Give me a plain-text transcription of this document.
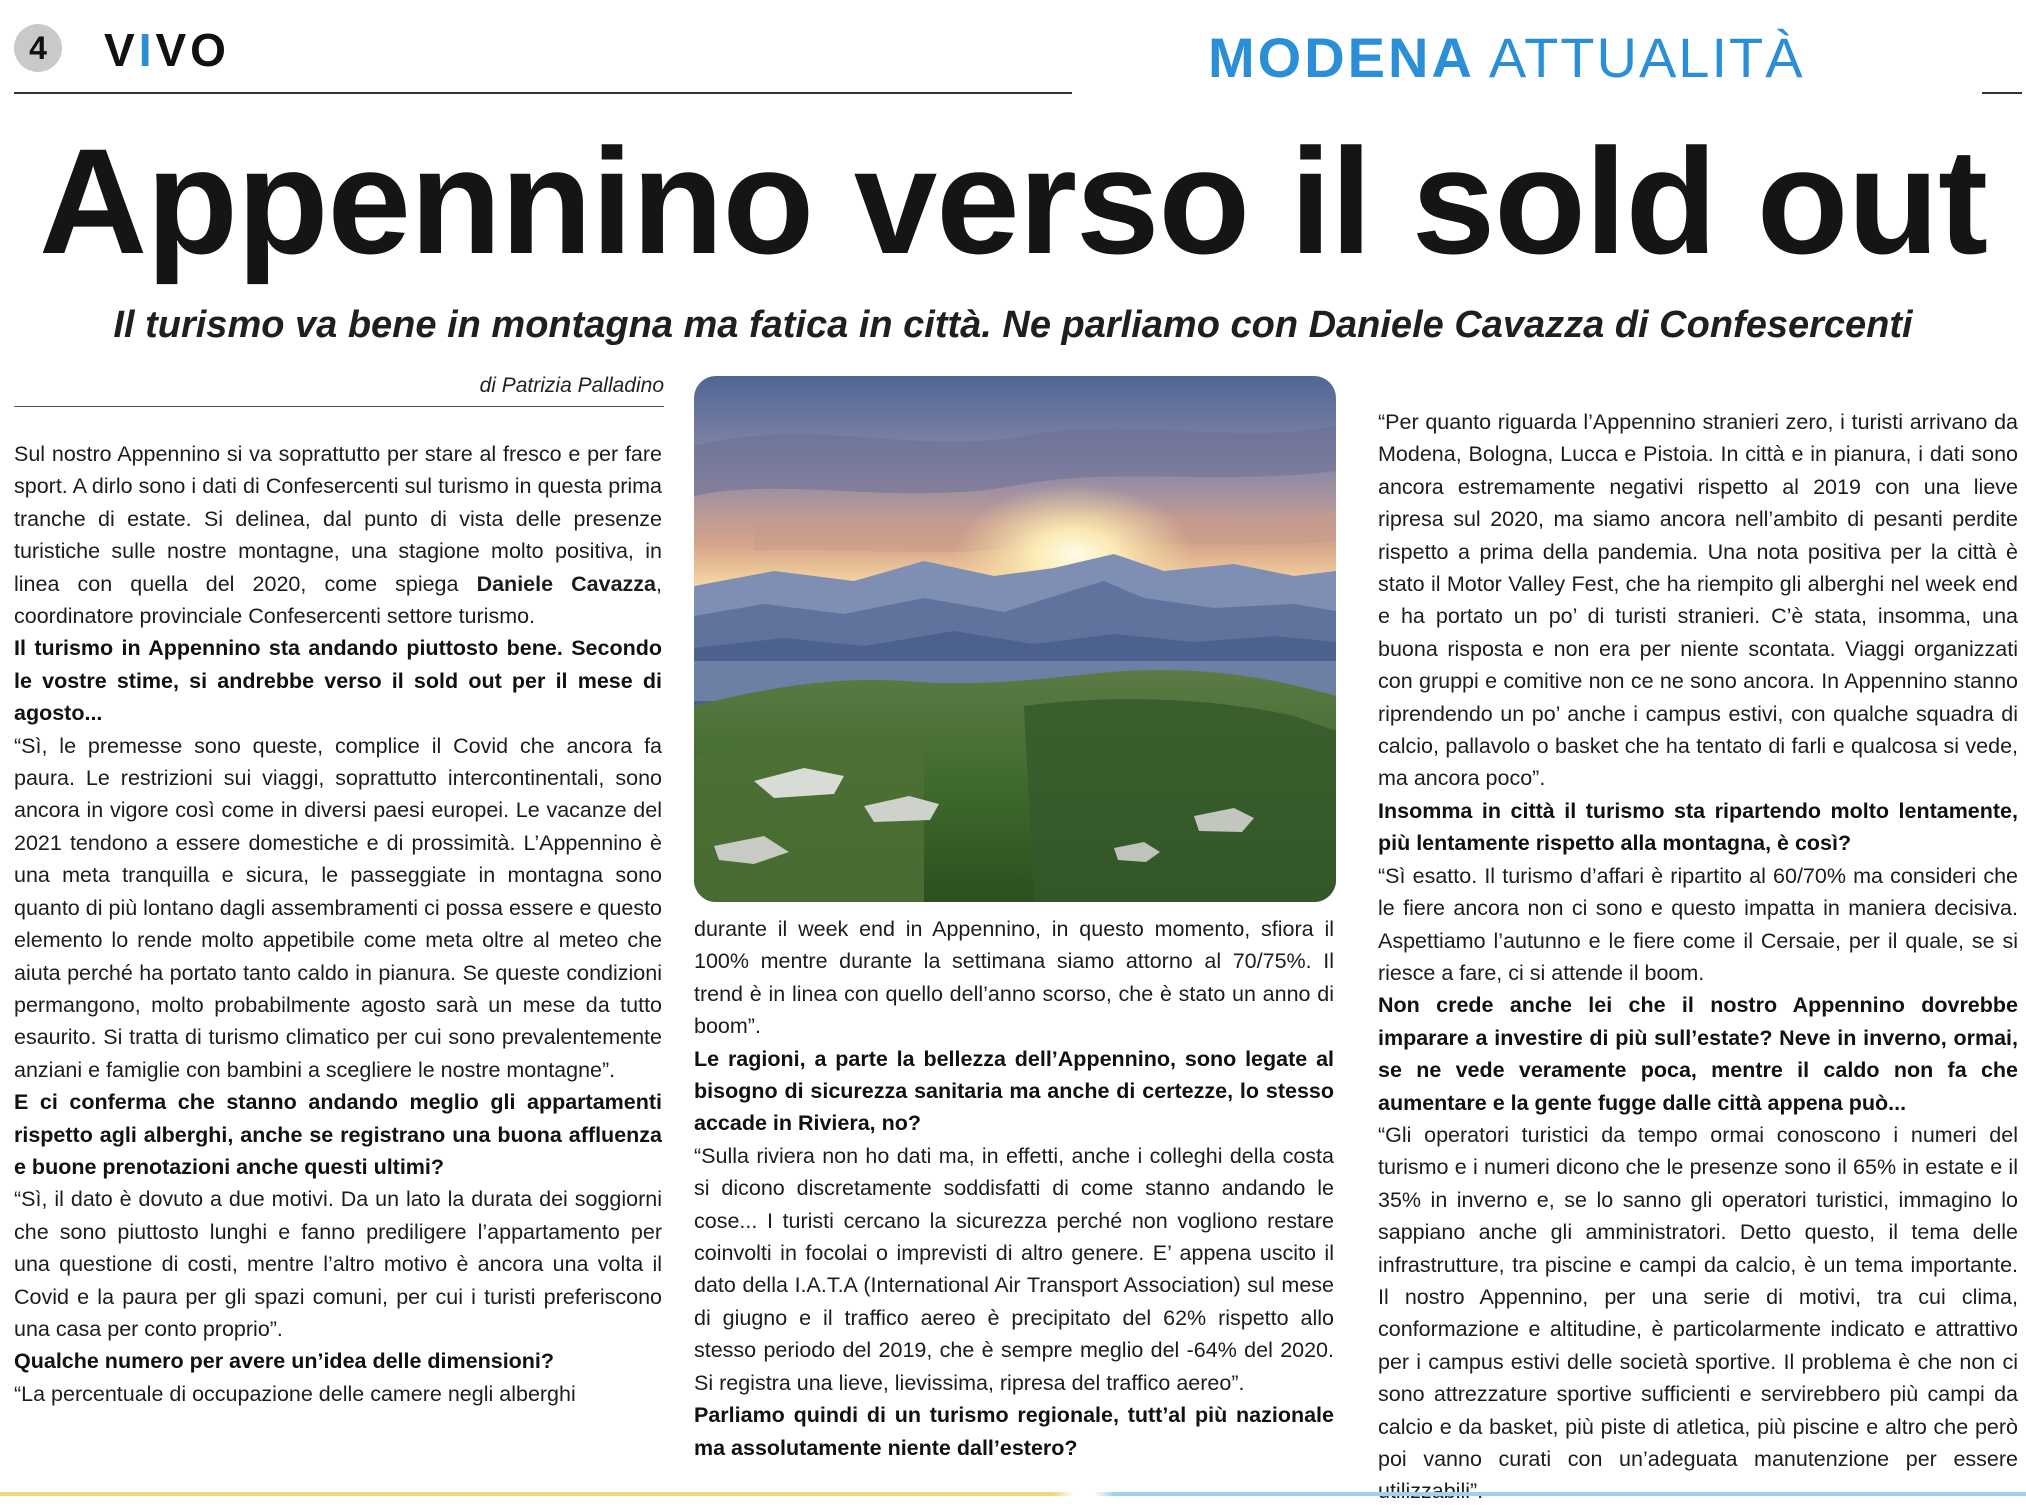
4	VIVO	MODENA ATTUALITÀ
Appennino verso il sold out
Il turismo va bene in montagna ma fatica in città. Ne parliamo con Daniele Cavazza di Confesercenti
di Patrizia Palladino

Sul nostro Appennino si va soprattutto per stare al fresco e per fare sport. A dirlo sono i dati di Confesercenti sul turismo in questa prima tranche di estate. Si delinea, dal punto di vista delle presenze turistiche sulle nostre montagne, una stagione molto positiva, in linea con quella del 2020, come spiega Daniele Cavazza, coordinatore provinciale Confesercenti settore turismo.

Il turismo in Appennino sta andando piuttosto bene. Secondo le vostre stime, si andrebbe verso il sold out per il mese di agosto...

“Sì, le premesse sono queste, complice il Covid che ancora fa paura. Le restrizioni sui viaggi, soprattutto intercontinentali, sono ancora in vigore così come in diversi paesi europei. Le vacanze del 2021 tendono a essere domestiche e di prossimità. L’Appennino è una meta tranquilla e sicura, le passeggiate in montagna sono quanto di più lontano dagli assembramenti ci possa essere e questo elemento lo rende molto appetibile come meta oltre al meteo che aiuta perché ha portato tanto caldo in pianura. Se queste condizioni permangono, molto probabilmente agosto sarà un mese da tutto esaurito. Si tratta di turismo climatico per cui sono prevalentemente anziani e famiglie con bambini a scegliere le nostre montagne”.

E ci conferma che stanno andando meglio gli appartamenti rispetto agli alberghi, anche se registrano una buona affluenza e buone prenotazioni anche questi ultimi?

“Sì, il dato è dovuto a due motivi. Da un lato la durata dei soggiorni che sono piuttosto lunghi e fanno prediligere l’appartamento per una questione di costi, mentre l’altro motivo è ancora una volta il Covid e la paura per gli spazi comuni, per cui i turisti preferiscono una casa per conto proprio”.

Qualche numero per avere un’idea delle dimensioni?

“La percentuale di occupazione delle camere negli alberghi

durante il week end in Appennino, in questo momento, sfiora il 100% mentre durante la settimana siamo attorno al 70/75%. Il trend è in linea con quello dell’anno scorso, che è stato un anno di boom”.

Le ragioni, a parte la bellezza dell’Appennino, sono legate al bisogno di sicurezza sanitaria ma anche di certezze, lo stesso accade in Riviera, no?

“Sulla riviera non ho dati ma, in effetti, anche i colleghi della costa si dicono discretamente soddisfatti di come stanno andando le cose... I turisti cercano la sicurezza perché non vogliono restare coinvolti in focolai o imprevisti di altro genere. E’ appena uscito il dato della I.A.T.A (International Air Transport Association) sul mese di giugno e il traffico aereo è precipitato del 62% rispetto allo stesso periodo del 2019, che è sempre meglio del -64% del 2020. Si registra una lieve, lievissima, ripresa del traffico aereo”.

Parliamo quindi di un turismo regionale, tutt’al più nazionale ma assolutamente niente dall’estero?

“Per quanto riguarda l’Appennino stranieri zero, i turisti arrivano da Modena, Bologna, Lucca e Pistoia. In città e in pianura, i dati sono ancora estremamente negativi rispetto al 2019 con una lieve ripresa sul 2020, ma siamo ancora nell’ambito di pesanti perdite rispetto a prima della pandemia. Una nota positiva per la città è stato il Motor Valley Fest, che ha riempito gli alberghi nel week end e ha portato un po’ di turisti stranieri. C’è stata, insomma, una buona risposta e non era per niente scontata. Viaggi organizzati con gruppi e comitive non ce ne sono ancora. In Appennino stanno riprendendo un po’ anche i campus estivi, con qualche squadra di calcio, pallavolo o basket che ha tentato di farli e qualcosa si vede, ma ancora poco”.

Insomma in città il turismo sta ripartendo molto lentamente, più lentamente rispetto alla montagna, è così?

“Sì esatto. Il turismo d’affari è ripartito al 60/70% ma consideri che le fiere ancora non ci sono e questo impatta in maniera decisiva. Aspettiamo l’autunno e le fiere come il Cersaie, per il quale, se si riesce a fare, ci si attende il boom.

Non crede anche lei che il nostro Appennino dovrebbe imparare a investire di più sull’estate? Neve in inverno, ormai, se ne vede veramente poca, mentre il caldo non fa che aumentare e la gente fugge dalle città appena può...

“Gli operatori turistici da tempo ormai conoscono i numeri del turismo e i numeri dicono che le presenze sono il 65% in estate e il 35% in inverno e, se lo sanno gli operatori turistici, immagino lo sappiano anche gli amministratori. Detto questo, il tema delle infrastrutture, tra piscine e campi da calcio, è un tema importante. Il nostro Appennino, per una serie di motivi, tra cui clima, conformazione e altitudine, è particolarmente indicato e attrattivo per i campus estivi delle società sportive. Il problema è che non ci sono attrezzature sportive sufficienti e servirebbero più campi da calcio e da basket, più piste di atletica, più piscine e altro che però poi vanno curati con un’adeguata manutenzione per essere
